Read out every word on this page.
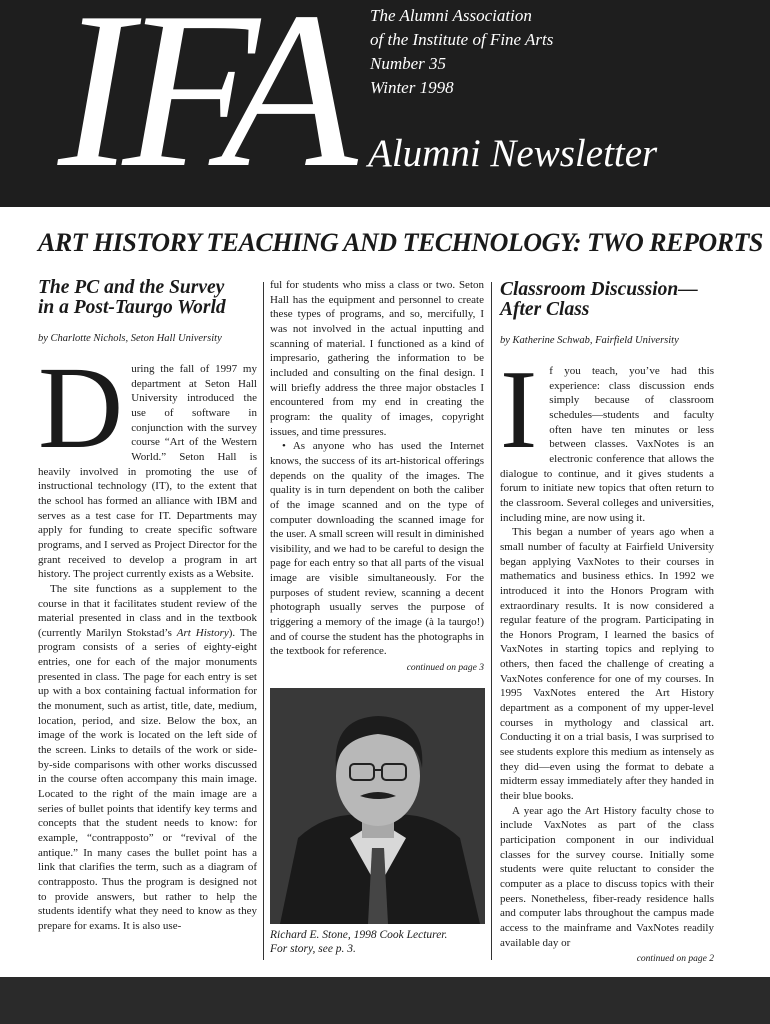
IFA The Alumni Association
of the Institute of Fine Arts
Number 35
Winter 1998
Alumni Newsletter
ART HISTORY TEACHING AND TECHNOLOGY: TWO REPORTS
The PC and the Survey
in a Post-Taurgo World
by Charlotte Nichols, Seton Hall University

During the fall of 1997 my department at Seton Hall University introduced the use of software in conjunction with the survey course “Art of the Western World.” Seton Hall is heavily involved in promoting the use of instructional technology (IT), to the extent that the school has formed an alliance with IBM and serves as a test case for IT. Departments may apply for funding to create specific software programs, and I served as Project Director for the grant received to develop a program in art history. The project currently exists as a Website.

The site functions as a supplement to the course in that it facilitates student review of the material presented in class and in the textbook (currently Marilyn Stokstad’s Art History). The program consists of a series of eighty-eight entries, one for each of the major monuments presented in class. The page for each entry is set up with a box containing factual information for the monument, such as artist, title, date, medium, location, period, and size. Below the box, an image of the work is located on the left side of the screen. Links to details of the work or side-by-side comparisons with other works discussed in the course often accompany this main image. Located to the right of the main image are a series of bullet points that identify key terms and concepts that the student needs to know: for example, “contrapposto” or “revival of the antique.” In many cases the bullet point has a link that clarifies the term, such as a diagram of contrapposto. Thus the program is designed not to provide answers, but rather to help the students identify what they need to know as they prepare for exams. It is also use-

ful for students who miss a class or two. Seton Hall has the equipment and personnel to create these types of programs, and so, mercifully, I was not involved in the actual inputting and scanning of material. I functioned as a kind of impresario, gathering the information to be included and consulting on the final design. I will briefly address the three major obstacles I encountered from my end in creating the program: the quality of images, copyright issues, and time pressures.

• As anyone who has used the Internet knows, the success of its art-historical offerings depends on the quality of the images. The quality is in turn dependent on both the caliber of the image scanned and on the type of computer downloading the scanned image for the user. A small screen will result in diminished visibility, and we had to be careful to design the page for each entry so that all parts of the visual image are visible simultaneously. For the purposes of student review, scanning a decent photograph usually serves the purpose of triggering a memory of the image (à la taurgo!) and of course the student has the photographs in the textbook for reference.

continued on page 3
Richard E. Stone, 1998 Cook Lecturer.
For story, see p. 3.
Classroom Discussion—
After Class
by Katherine Schwab, Fairfield University

I f you teach, you’ve had this experience: class discussion ends simply because of classroom schedules—students and faculty often have ten minutes or less between classes. VaxNotes is an electronic conference that allows the dialogue to continue, and it gives students a forum to initiate new topics that often return to the classroom. Several colleges and universities, including mine, are now using it.

This began a number of years ago when a small number of faculty at Fairfield University began applying VaxNotes to their courses in mathematics and business ethics. In 1992 we introduced it into the Honors Program with extraordinary results. It is now considered a regular feature of the program. Participating in the Honors Program, I learned the basics of VaxNotes in starting topics and replying to others, then faced the challenge of creating a VaxNotes conference for one of my courses. In 1995 VaxNotes entered the Art History department as a component of my upper-level courses in mythology and classical art. Conducting it on a trial basis, I was surprised to see students explore this medium as intensely as they did—even using the format to debate a midterm essay immediately after they handed in their blue books.

A year ago the Art History faculty chose to include VaxNotes as part of the class participation component in our individual classes for the survey course. Initially some students were quite reluctant to consider the computer as a place to discuss topics with their peers. Nonetheless, fiber-ready residence halls and computer labs throughout the campus made access to the mainframe and VaxNotes readily available day or

continued on page 2
